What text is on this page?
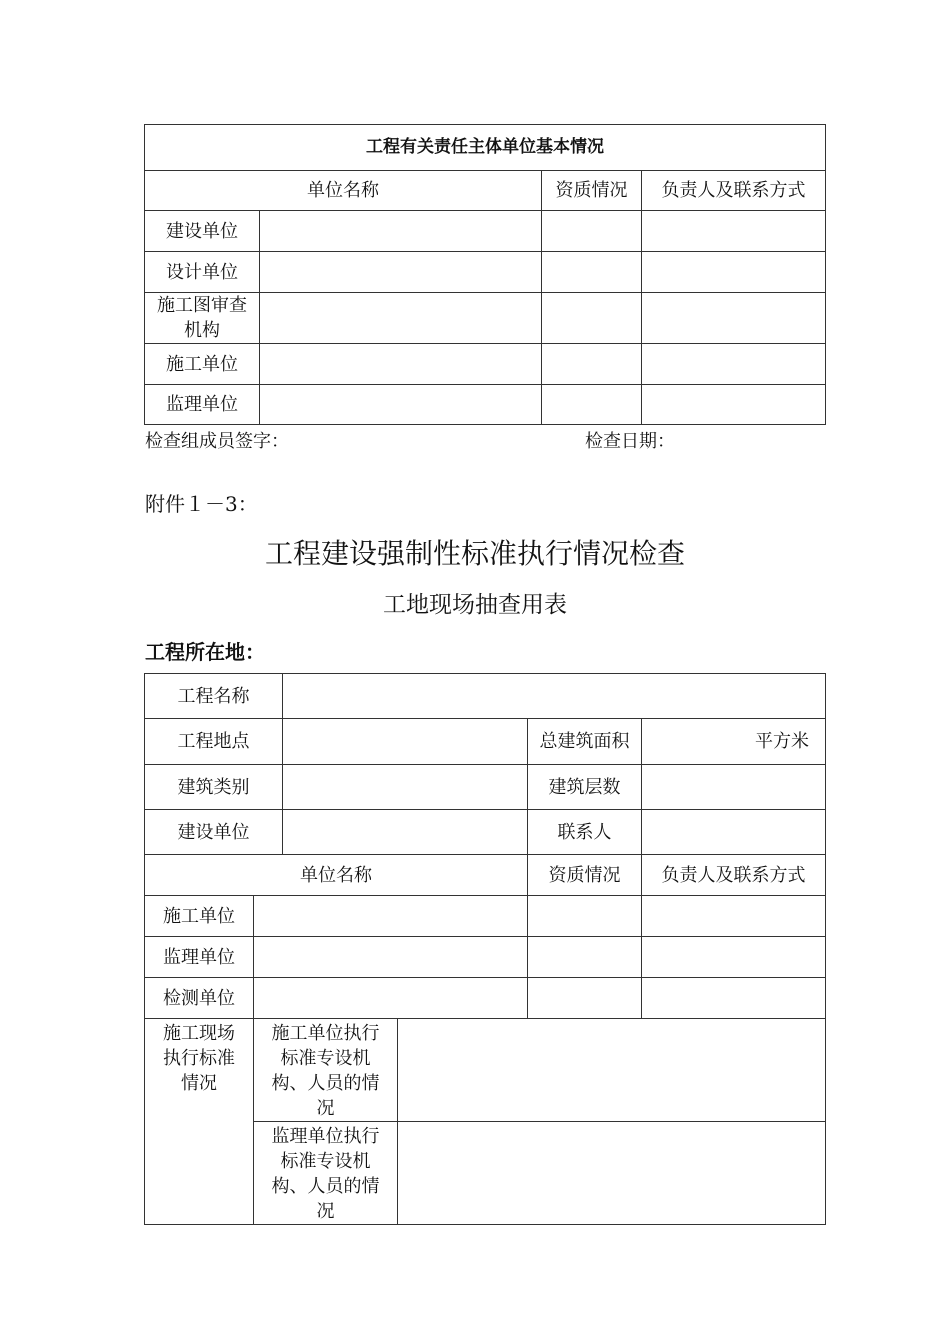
工程有关责任主体单位基本情况			
单位名称		资质情况	负责人及联系方式
建设单位			
设计单位			
施工图审查
机构			
施工单位			
监理单位			
检查组成员签字：	检查日期：
附件１－3：
工程建设强制性标准执行情况检查
工地现场抽查用表
工程所在地：
工程名称					
工程地点				总建筑面积	平方米
建筑类别				建筑层数	
建设单位				联系人	
单位名称				资质情况	负责人及联系方式
施工单位					
监理单位					
检测单位					
施工现场
执行标准
情况	施工单位执行
标准专设机
构、人员的情
况				
	监理单位执行
标准专设机
构、人员的情
况				
